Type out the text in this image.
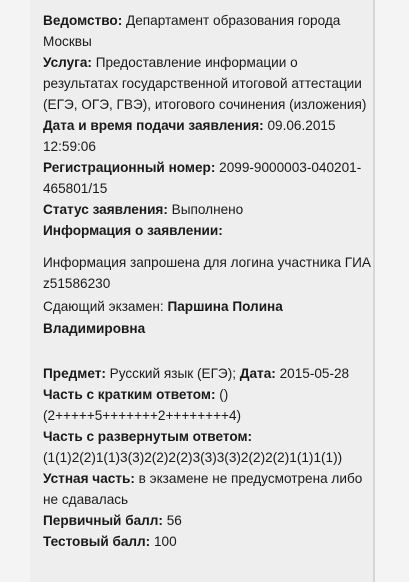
Ведомство: Департамент образования города Москвы

Услуга: Предоставление информации о результатах государственной итоговой аттестации (ЕГЭ, ОГЭ, ГВЭ), итогового сочинения (изложения)

Дата и время подачи заявления: 09.06.2015 12:59:06

Регистрационный номер: 2099-9000003-040201-465801/15

Статус заявления: Выполнено

Информация о заявлении:

Информация запрошена для логина участника ГИА z51586230

Сдающий экзамен: Паршина Полина Владимировна

Предмет: Русский язык (ЕГЭ); Дата: 2015-05-28

Часть с кратким ответом: ()

(2+++++5+++++++2++++++++4)

Часть с развернутым ответом:

(1(1)2(2)1(1)3(3)2(2)2(2)3(3)3(3)2(2)2(2)1(1)1(1))

Устная часть: в экзамене не предусмотрена либо не сдавалась

Первичный балл: 56

Тестовый балл: 100
